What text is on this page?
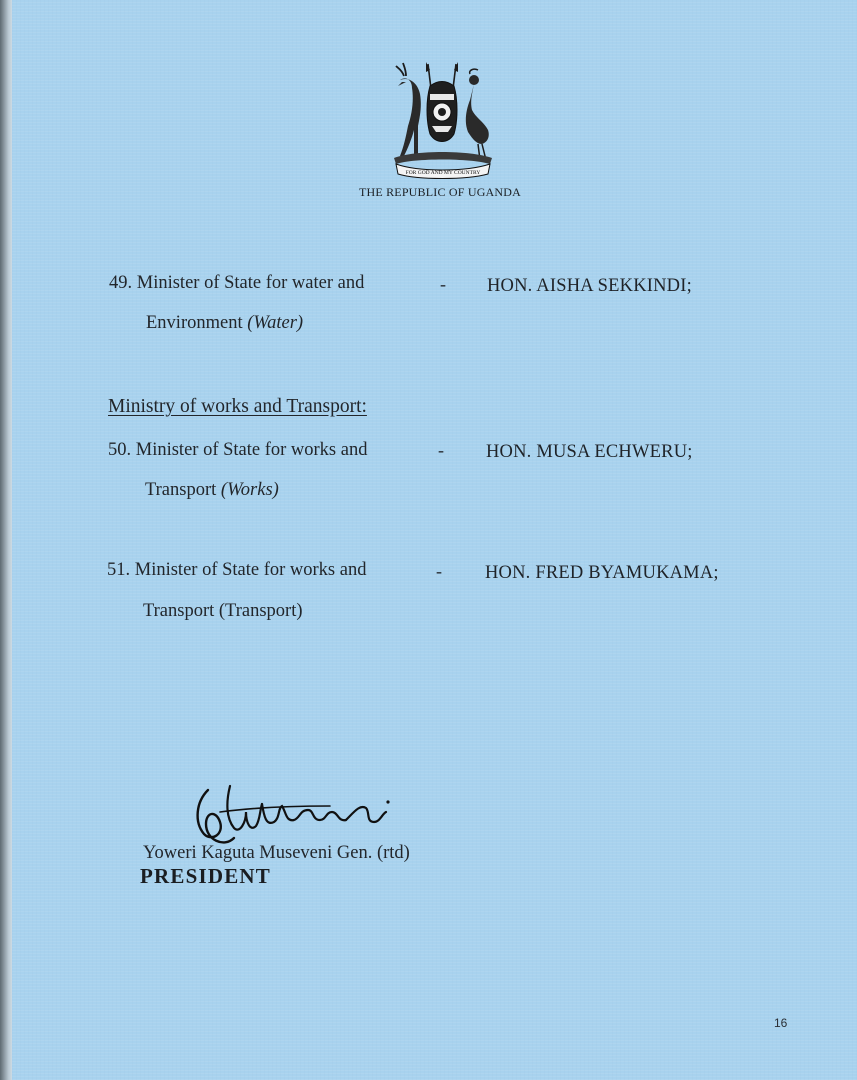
FOR GOD AND MY COUNTRY
THE REPUBLIC OF UGANDA
49. Minister of State for water and
Environment (Water)
- HON. AISHA SEKKINDI;
Ministry of works and Transport:
50. Minister of State for works and
Transport (Works)
- HON. MUSA ECHWERU;
51. Minister of State for works and
Transport (Transport)
- HON. FRED BYAMUKAMA;
Yoweri Kaguta Museveni Gen. (rtd)
PRESIDENT
16
